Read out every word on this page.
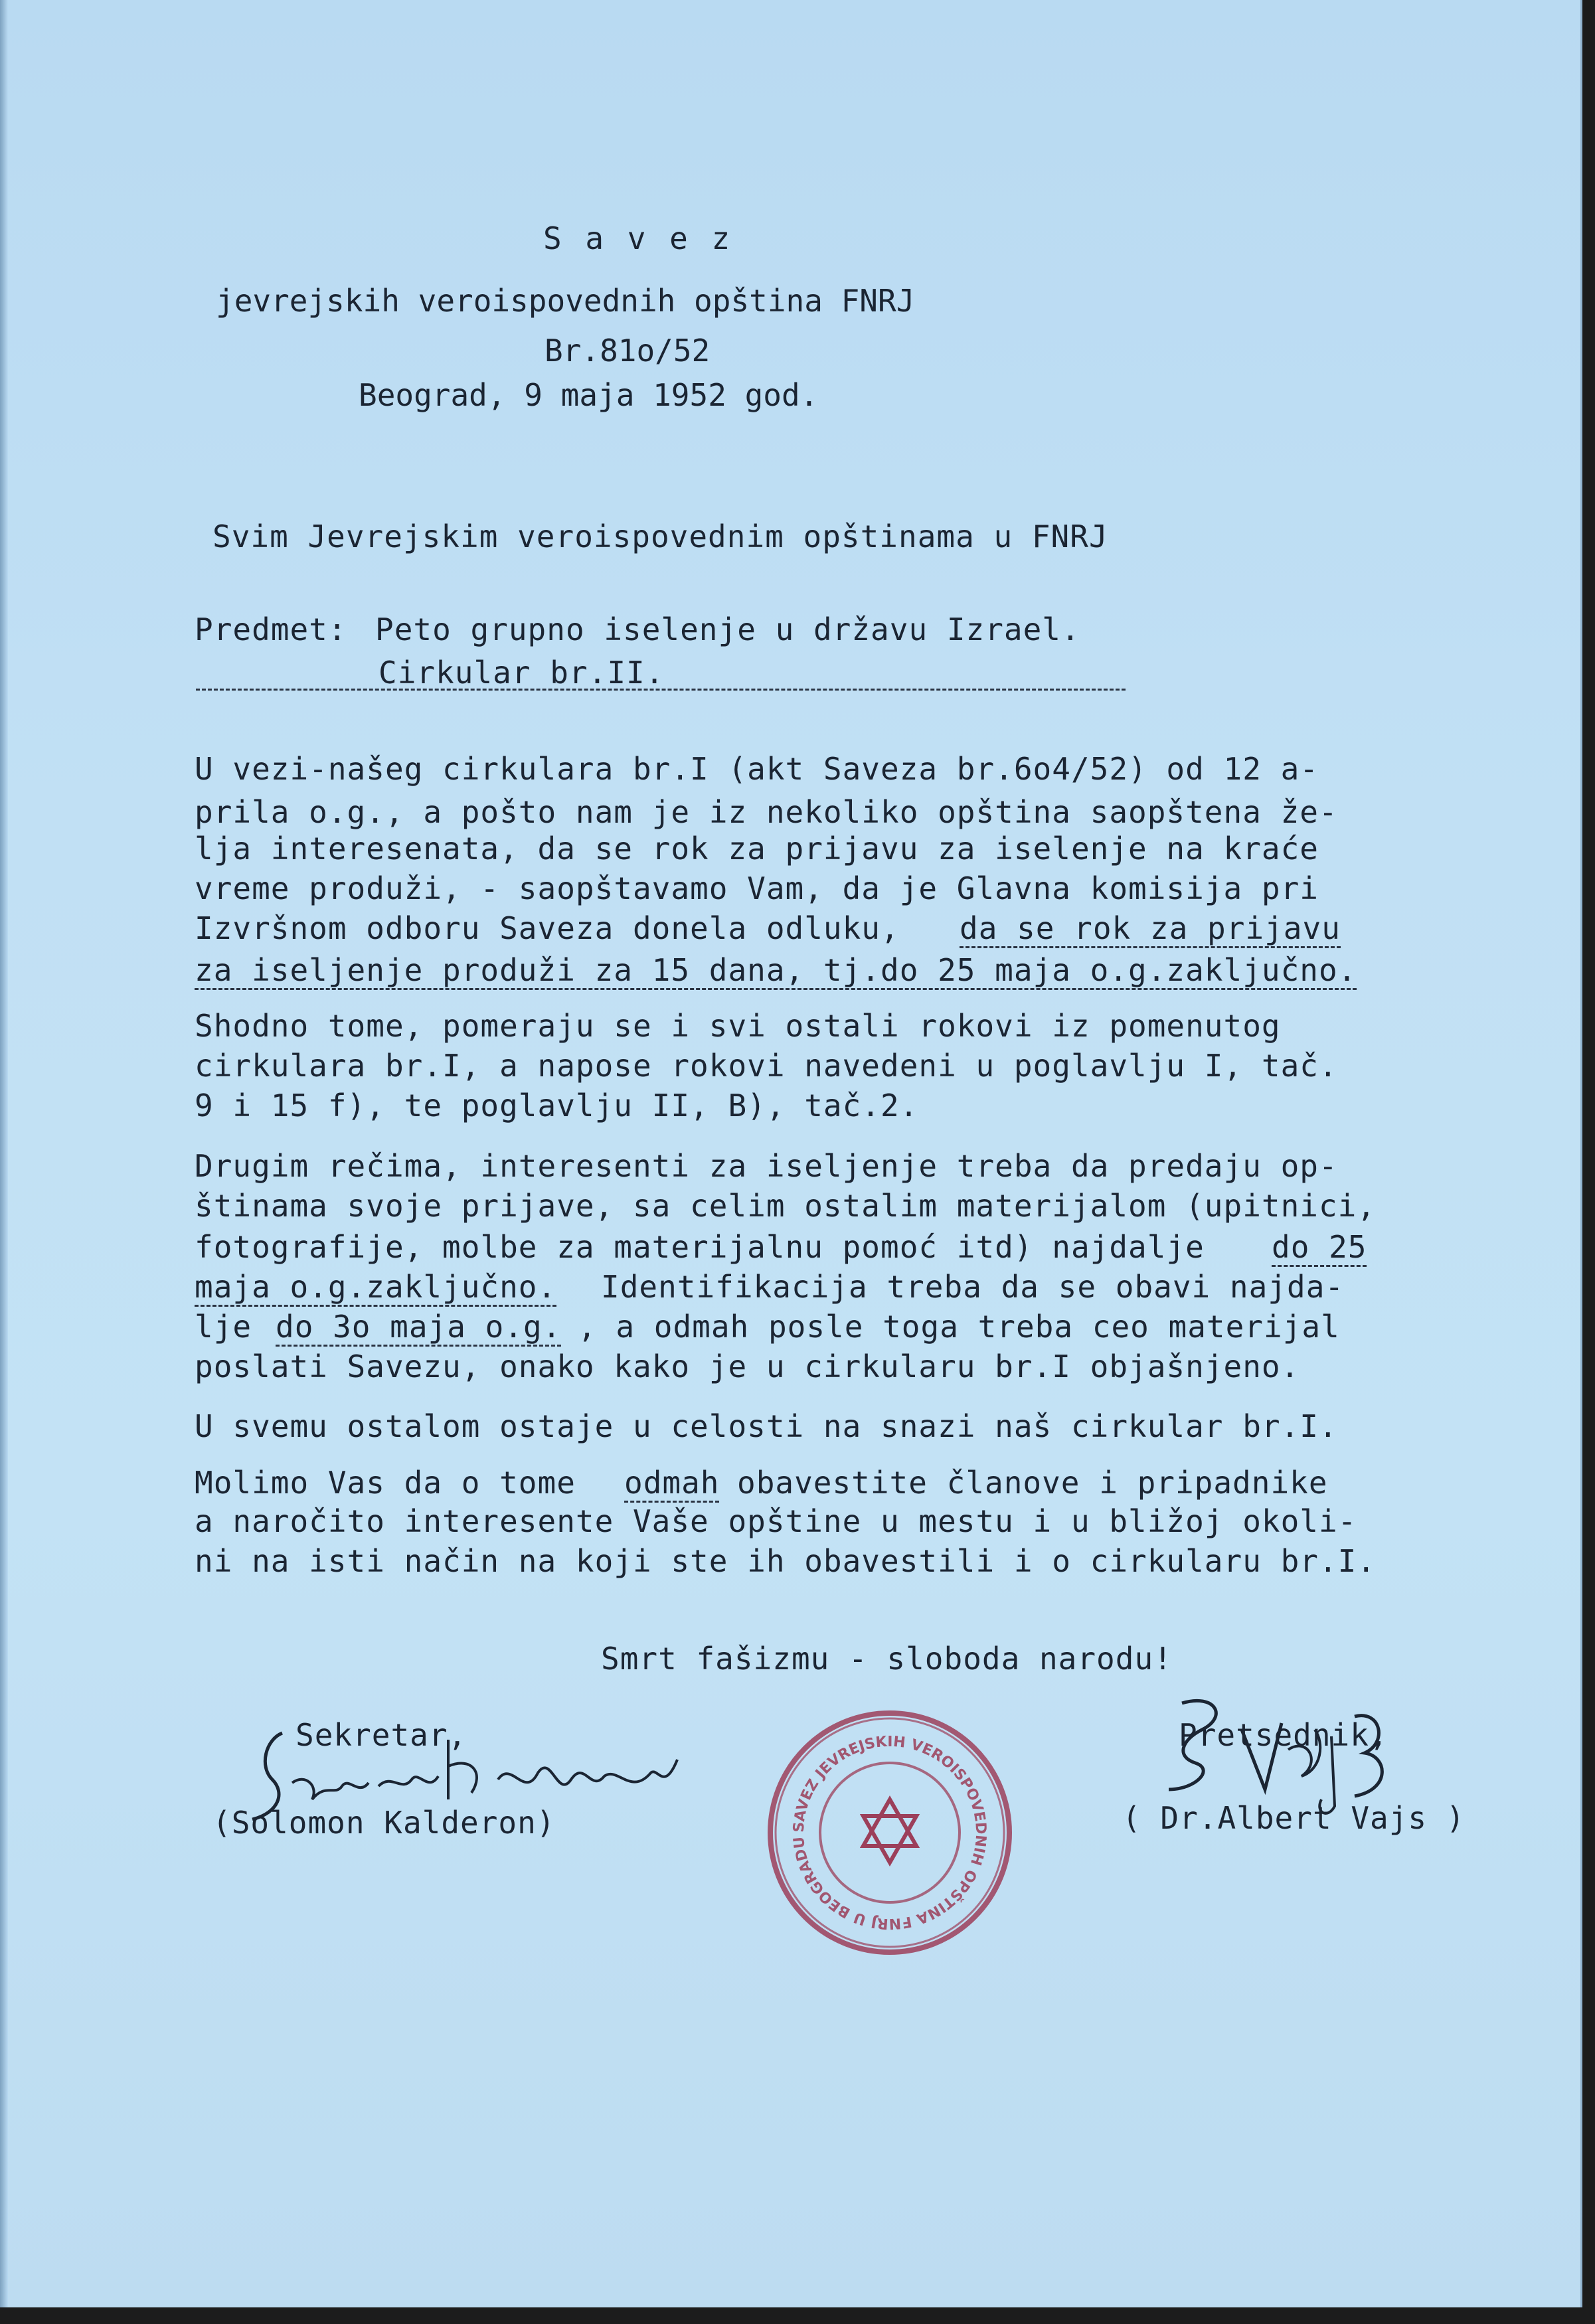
S a v e z
jevrejskih veroispovednih opština FNRJ
Br.81o/52
Beograd, 9 maja 1952 god.
Svim Jevrejskim veroispovednim opštinama u FNRJ
Predmet: Peto grupno iselenje u državu Izrael.
Cirkular br.II.
U vezi-našeg cirkulara br.I (akt Saveza br.6o4/52) od 12 a-
prila o.g., a pošto nam je iz nekoliko opština saopštena že-
lja interesenata, da se rok za prijavu za iselenje na kraće
vreme produži, - saopštavamo Vam, da je Glavna komisija pri
Izvršnom odboru Saveza donela odluku, da se rok za prijavu
za iseljenje produži za 15 dana, tj.do 25 maja o.g.zaključno.
Shodno tome, pomeraju se i svi ostali rokovi iz pomenutog
cirkulara br.I, a napose rokovi navedeni u poglavlju I, tač.
9 i 15 f), te poglavlju II, B), tač.2.
Drugim rečima, interesenti za iseljenje treba da predaju op-
štinama svoje prijave, sa celim ostalim materijalom (upitnici,
fotografije, molbe za materijalnu pomoć itd) najdalje do 25
maja o.g.zaključno. Identifikacija treba da se obavi najda-
lje do 3o maja o.g. , a odmah posle toga treba ceo materijal
poslati Savezu, onako kako je u cirkularu br.I objašnjeno.
U svemu ostalom ostaje u celosti na snazi naš cirkular br.I.
Molimo Vas da o tome odmah obavestite članove i pripadnike
a naročito interesente Vaše opštine u mestu i u bližoj okoli-
ni na isti način na koji ste ih obavestili i o cirkularu br.I.
Smrt fašizmu - sloboda narodu!
Sekretar,
(Solomon Kalderon)	SAVEZ JEVREJSKIH VEROISPOVEDNIH OPŠTINA FNRJ U BEOGRADU
Pretsednik,
( Dr.Albert Vajs )
